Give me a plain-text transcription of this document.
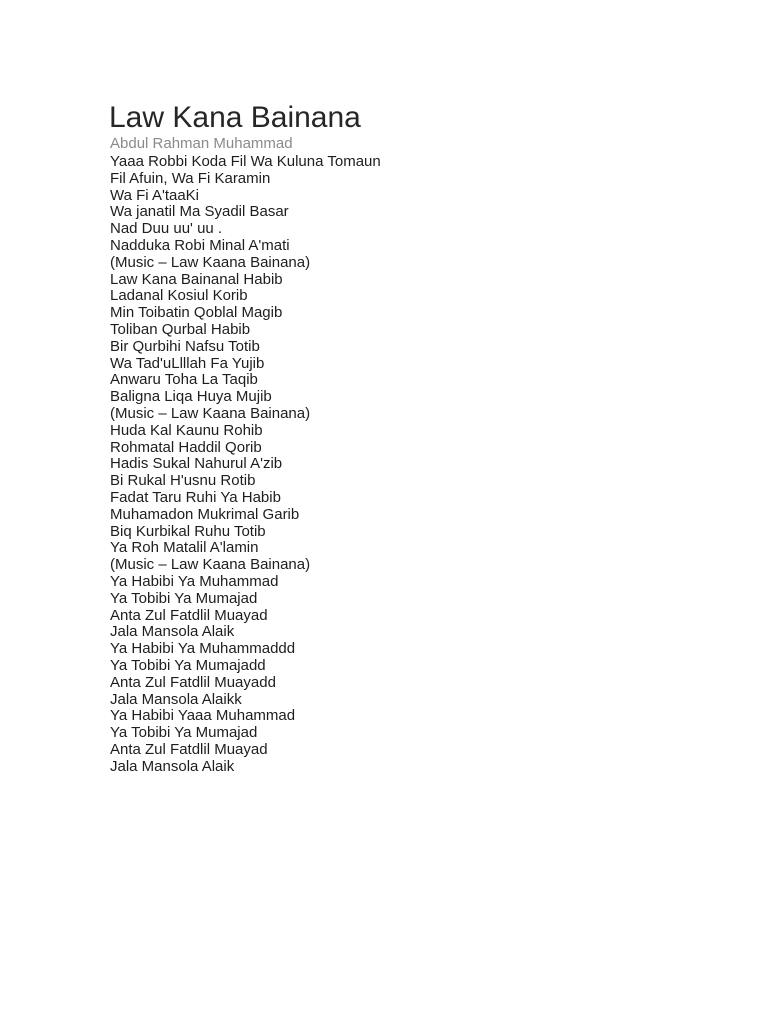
Law Kana Bainana

Abdul Rahman Muhammad

Yaaa Robbi Koda Fil Wa Kuluna Tomaun
Fil Afuin, Wa Fi Karamin
Wa Fi A'taaKi
Wa janatil Ma Syadil Basar
Nad Duu uu' uu .
Nadduka Robi Minal A'mati
(Music – Law Kaana Bainana)
Law Kana Bainanal Habib
Ladanal Kosiul Korib
Min Toibatin Qoblal Magib
Toliban Qurbal Habib
Bir Qurbihi Nafsu Totib
Wa Tad'uLlllah Fa Yujib
Anwaru Toha La Taqib
Baligna Liqa Huya Mujib
(Music – Law Kaana Bainana)
Huda Kal Kaunu Rohib
Rohmatal Haddil Qorib
Hadis Sukal Nahurul A'zib
Bi Rukal H'usnu Rotib
Fadat Taru Ruhi Ya Habib
Muhamadon Mukrimal Garib
Biq Kurbikal Ruhu Totib
Ya Roh Matalil A'lamin
(Music – Law Kaana Bainana)
Ya Habibi Ya Muhammad
Ya Tobibi Ya Mumajad
Anta Zul Fatdlil Muayad
Jala Mansola Alaik
Ya Habibi Ya Muhammaddd
Ya Tobibi Ya Mumajadd
Anta Zul Fatdlil Muayadd
Jala Mansola Alaikk
Ya Habibi Yaaa Muhammad
Ya Tobibi Ya Mumajad
Anta Zul Fatdlil Muayad
Jala Mansola Alaik
